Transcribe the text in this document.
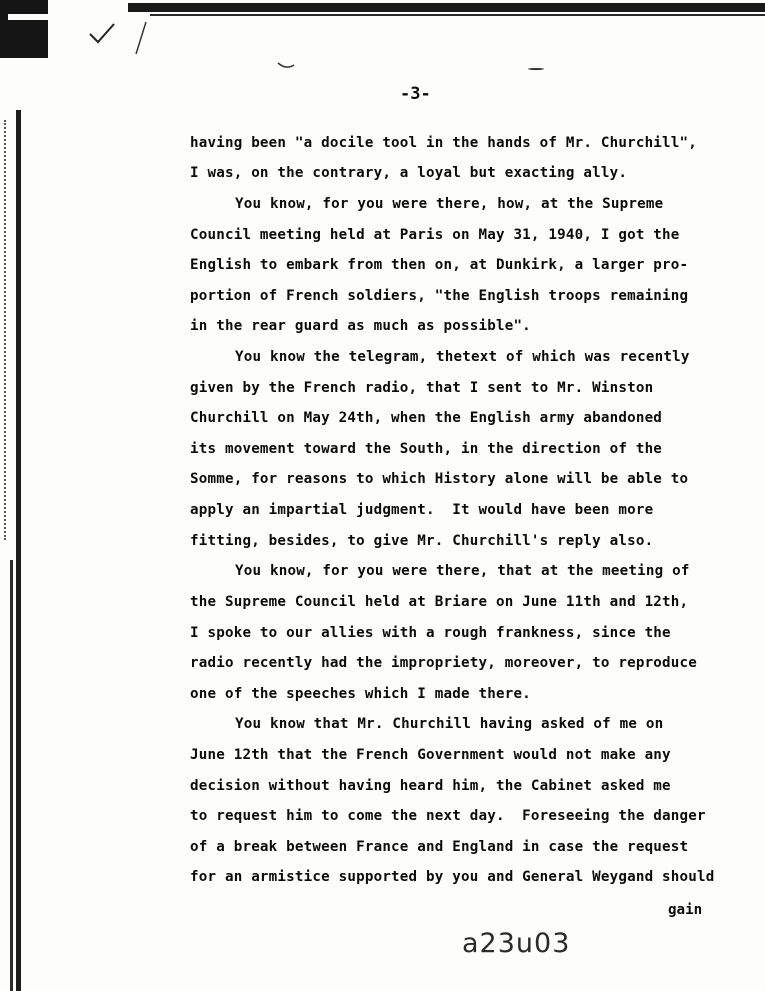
-3-
having been "a docile tool in the hands of Mr. Churchill",
I was, on the contrary, a loyal but exacting ally.
You know, for you were there, how, at the Supreme
Council meeting held at Paris on May 31, 1940, I got the
English to embark from then on, at Dunkirk, a larger pro-
portion of French soldiers, "the English troops remaining
in the rear guard as much as possible".
You know the telegram, thetext of which was recently
given by the French radio, that I sent to Mr. Winston
Churchill on May 24th, when the English army abandoned
its movement toward the South, in the direction of the
Somme, for reasons to which History alone will be able to
apply an impartial judgment.  It would have been more
fitting, besides, to give Mr. Churchill's reply also.
You know, for you were there, that at the meeting of
the Supreme Council held at Briare on June 11th and 12th,
I spoke to our allies with a rough frankness, since the
radio recently had the impropriety, moreover, to reproduce
one of the speeches which I made there.
You know that Mr. Churchill having asked of me on
June 12th that the French Government would not make any
decision without having heard him, the Cabinet asked me
to request him to come the next day.  Foreseeing the danger
of a break between France and England in case the request
for an armistice supported by you and General Weygand should
gain
a23u03
